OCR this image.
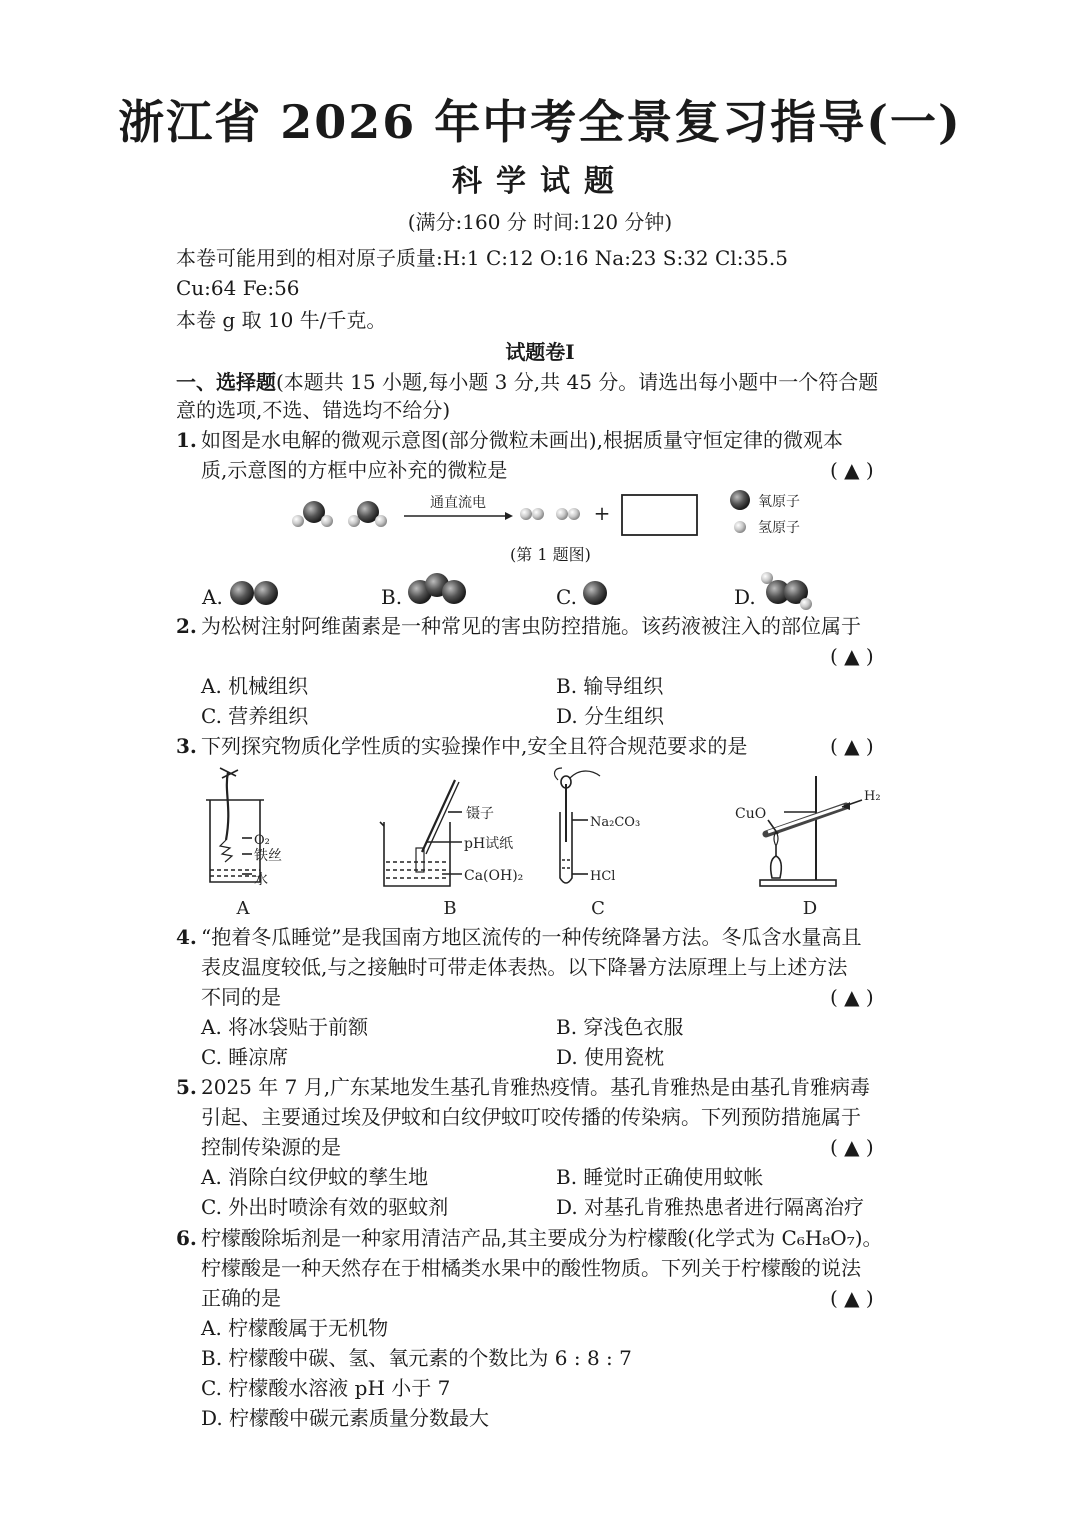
浙江省 2026 年中考全景复习指导(一)
科学试题
(满分:160 分 时间:120 分钟)
本卷可能用到的相对原子质量:H:1 C:12 O:16 Na:23 S:32 Cl:35.5
Cu:64 Fe:56
本卷 g 取 10 牛/千克。
试题卷Ⅰ
一、选择题(本题共 15 小题,每小题 3 分,共 45 分。请选出每小题中一个符合题
意的选项,不选、错选均不给分)
1. 如图是水电解的微观示意图(部分微粒未画出),根据质量守恒定律的微观本
质,示意图的方框中应补充的微粒是	( ▲ )
通直流电	+	氧原子
氢原子
(第 1 题图)
A.	B.	C.	D.
2. 为松树注射阿维菌素是一种常见的害虫防控措施。该药液被注入的部位属于
( ▲ )
A. 机械组织	B. 输导组织
C. 营养组织	D. 分生组织
3. 下列探究物质化学性质的实验操作中,安全且符合规范要求的是	( ▲ )
O₂
铁丝
水
A
镊子
pH试纸
Ca(OH)₂
B
Na₂CO₃
HCl
C
CuO
H₂
D
4. “抱着冬瓜睡觉”是我国南方地区流传的一种传统降暑方法。冬瓜含水量高且
表皮温度较低,与之接触时可带走体表热。以下降暑方法原理上与上述方法
不同的是	( ▲ )
A. 将冰袋贴于前额	B. 穿浅色衣服
C. 睡凉席	D. 使用瓷枕
5. 2025 年 7 月,广东某地发生基孔肯雅热疫情。基孔肯雅热是由基孔肯雅病毒
引起、主要通过埃及伊蚊和白纹伊蚊叮咬传播的传染病。下列预防措施属于
控制传染源的是	( ▲ )
A. 消除白纹伊蚊的孳生地	B. 睡觉时正确使用蚊帐
C. 外出时喷涂有效的驱蚊剂	D. 对基孔肯雅热患者进行隔离治疗
6. 柠檬酸除垢剂是一种家用清洁产品,其主要成分为柠檬酸(化学式为 C₆H₈O₇)。
柠檬酸是一种天然存在于柑橘类水果中的酸性物质。下列关于柠檬酸的说法
正确的是	( ▲ )
A. 柠檬酸属于无机物
B. 柠檬酸中碳、氢、氧元素的个数比为 6 : 8 : 7
C. 柠檬酸水溶液 pH 小于 7
D. 柠檬酸中碳元素质量分数最大
